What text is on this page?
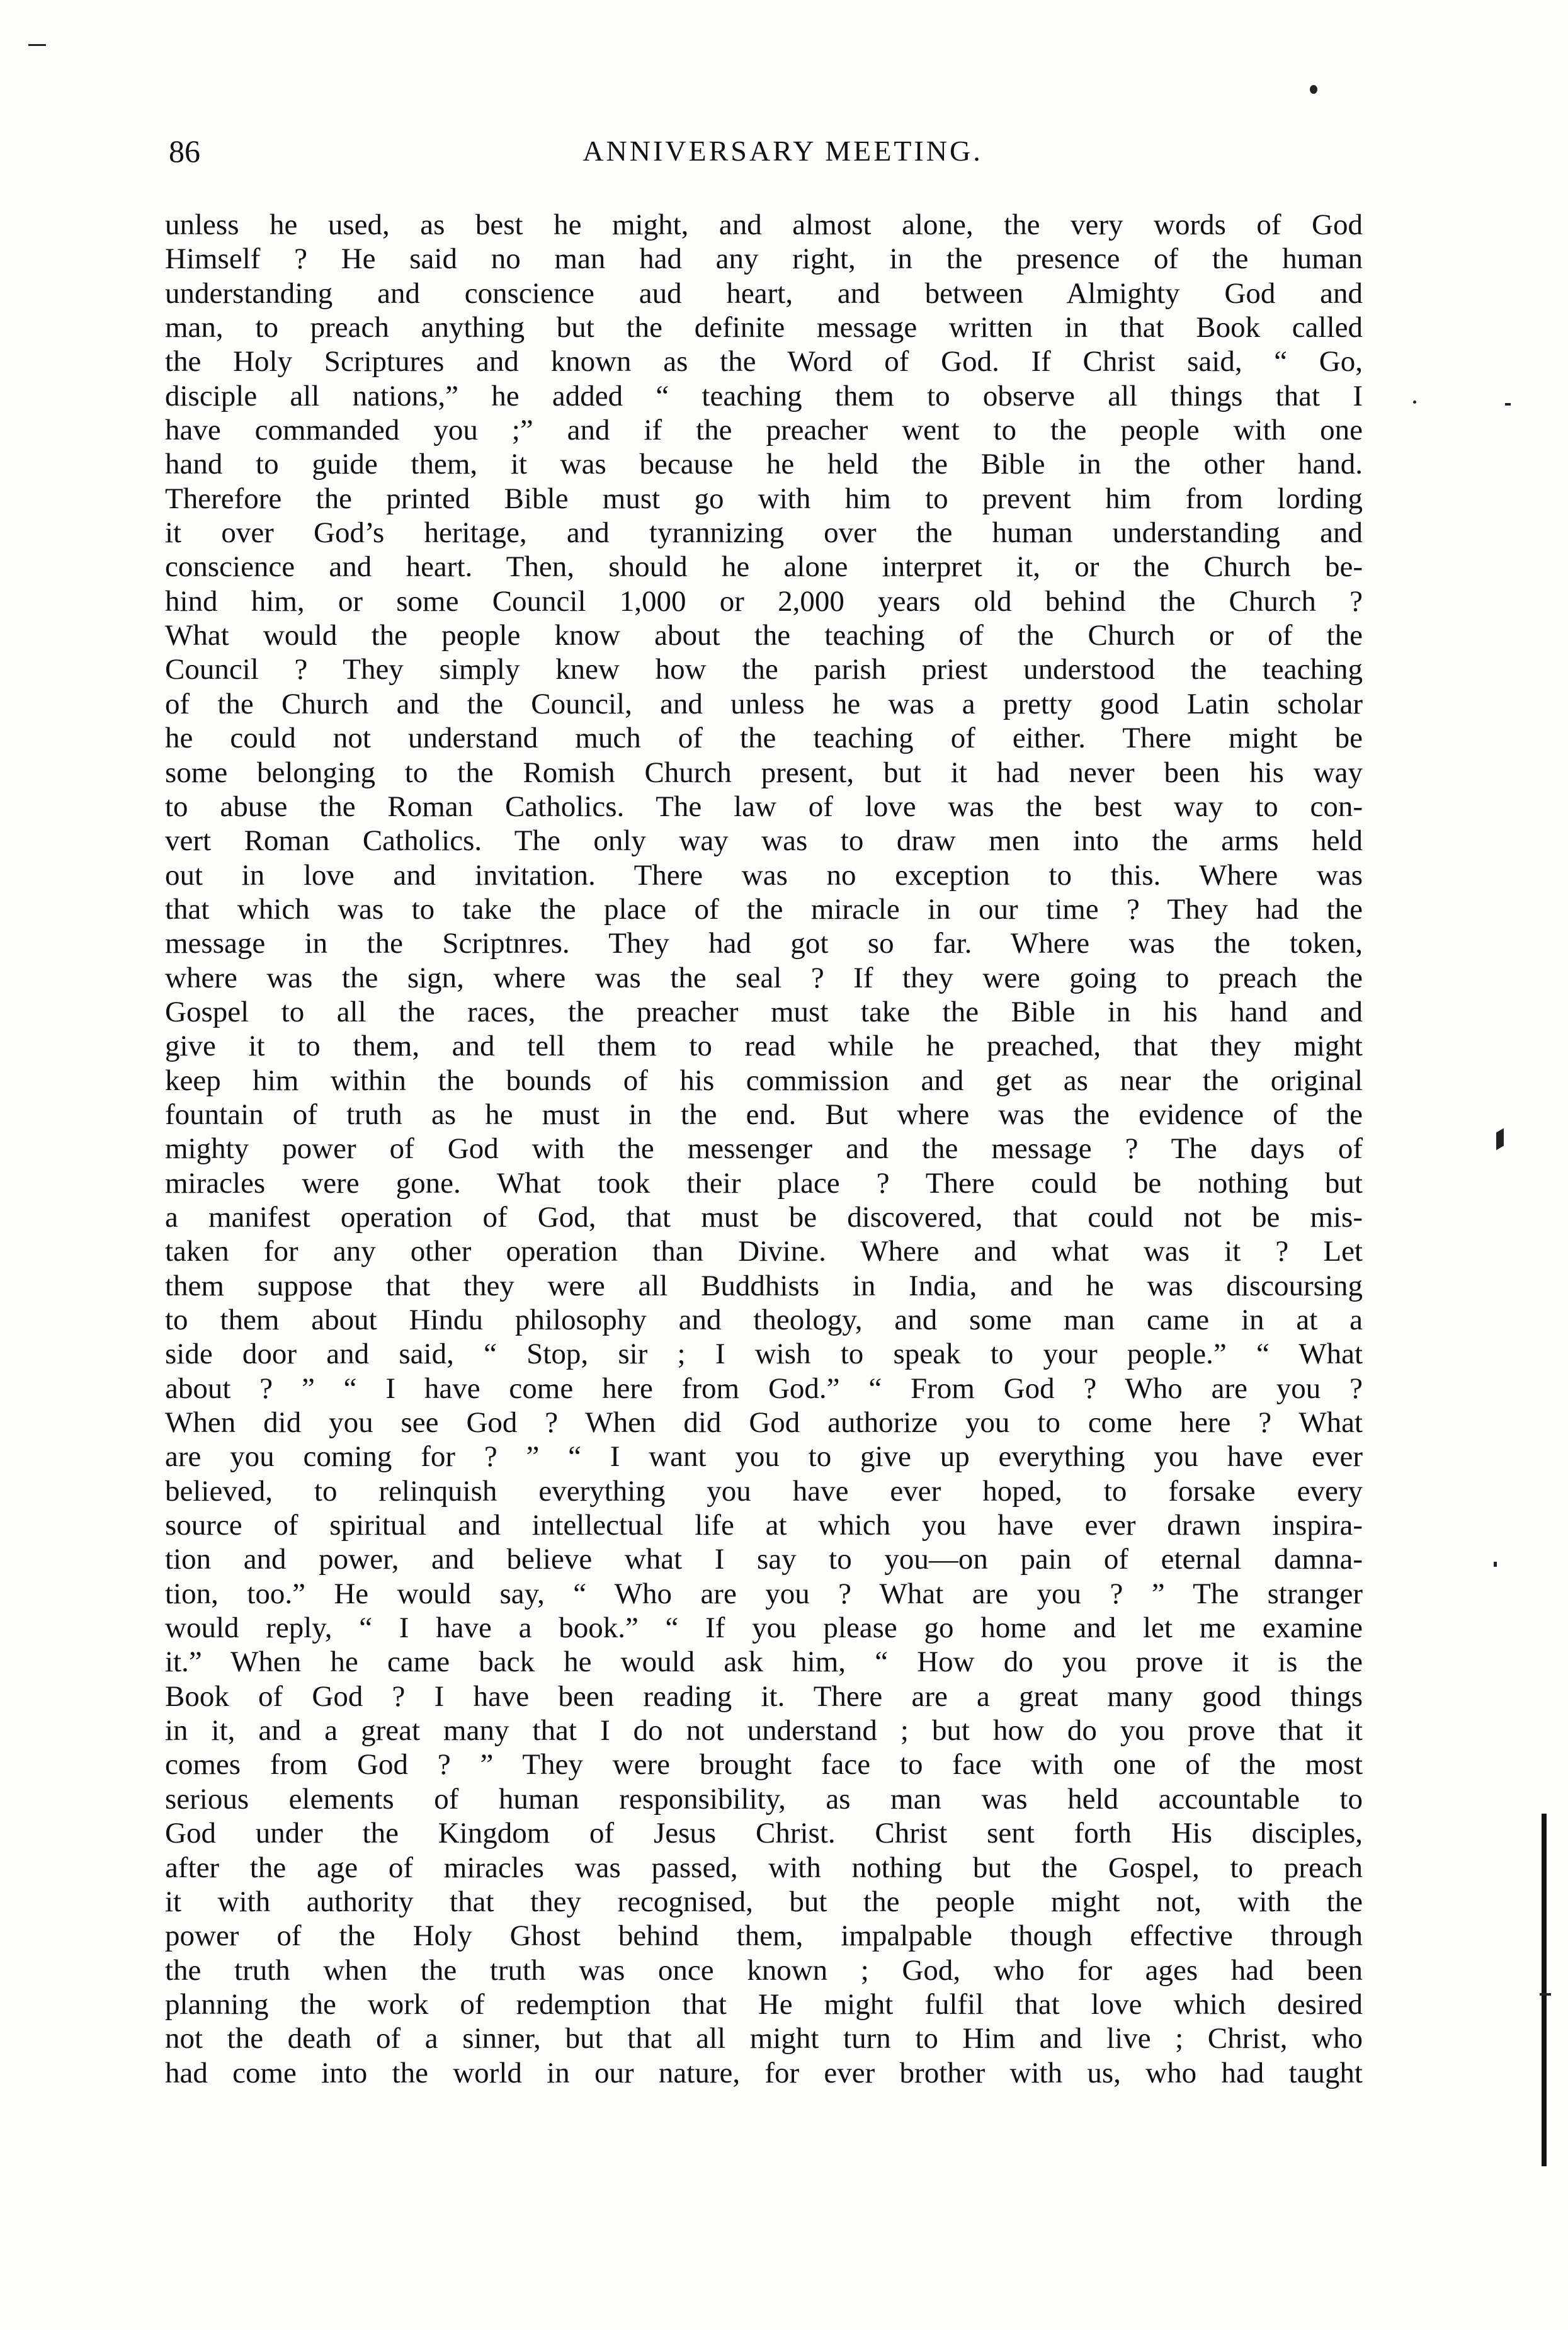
86	ANNIVERSARY MEETING.
unless he used, as best he might, and almost alone, the very words of God
Himself ? He said no man had any right, in the presence of the human
understanding and conscience aud heart, and between Almighty God and
man, to preach anything but the definite message written in that Book called
the Holy Scriptures and known as the Word of God. If Christ said, “ Go,
disciple all nations,” he added “ teaching them to observe all things that I
have commanded you ;” and if the preacher went to the people with one
hand to guide them, it was because he held the Bible in the other hand.
Therefore the printed Bible must go with him to prevent him from lording
it over God’s heritage, and tyrannizing over the human understanding and
conscience and heart. Then, should he alone interpret it, or the Church be-
hind him, or some Council 1,000 or 2,000 years old behind the Church ?
What would the people know about the teaching of the Church or of the
Council ? They simply knew how the parish priest understood the teaching
of the Church and the Council, and unless he was a pretty good Latin scholar
he could not understand much of the teaching of either. There might be
some belonging to the Romish Church present, but it had never been his way
to abuse the Roman Catholics. The law of love was the best way to con-
vert Roman Catholics. The only way was to draw men into the arms held
out in love and invitation. There was no exception to this. Where was
that which was to take the place of the miracle in our time ? They had the
message in the Scriptnres. They had got so far. Where was the token,
where was the sign, where was the seal ? If they were going to preach the
Gospel to all the races, the preacher must take the Bible in his hand and
give it to them, and tell them to read while he preached, that they might
keep him within the bounds of his commission and get as near the original
fountain of truth as he must in the end. But where was the evidence of the
mighty power of God with the messenger and the message ? The days of
miracles were gone. What took their place ? There could be nothing but
a manifest operation of God, that must be discovered, that could not be mis-
taken for any other operation than Divine. Where and what was it ? Let
them suppose that they were all Buddhists in India, and he was discoursing
to them about Hindu philosophy and theology, and some man came in at a
side door and said, “ Stop, sir ; I wish to speak to your people.” “ What
about ? ” “ I have come here from God.” “ From God ? Who are you ?
When did you see God ? When did God authorize you to come here ? What
are you coming for ? ” “ I want you to give up everything you have ever
believed, to relinquish everything you have ever hoped, to forsake every
source of spiritual and intellectual life at which you have ever drawn inspira-
tion and power, and believe what I say to you—on pain of eternal damna-
tion, too.” He would say, “ Who are you ? What are you ? ” The stranger
would reply, “ I have a book.” “ If you please go home and let me examine
it.” When he came back he would ask him, “ How do you prove it is the
Book of God ? I have been reading it. There are a great many good things
in it, and a great many that I do not understand ; but how do you prove that it
comes from God ? ” They were brought face to face with one of the most
serious elements of human responsibility, as man was held accountable to
God under the Kingdom of Jesus Christ. Christ sent forth His disciples,
after the age of miracles was passed, with nothing but the Gospel, to preach
it with authority that they recognised, but the people might not, with the
power of the Holy Ghost behind them, impalpable though effective through
the truth when the truth was once known ; God, who for ages had been
planning the work of redemption that He might fulfil that love which desired
not the death of a sinner, but that all might turn to Him and live ; Christ, who
had come into the world in our nature, for ever brother with us, who had taught
